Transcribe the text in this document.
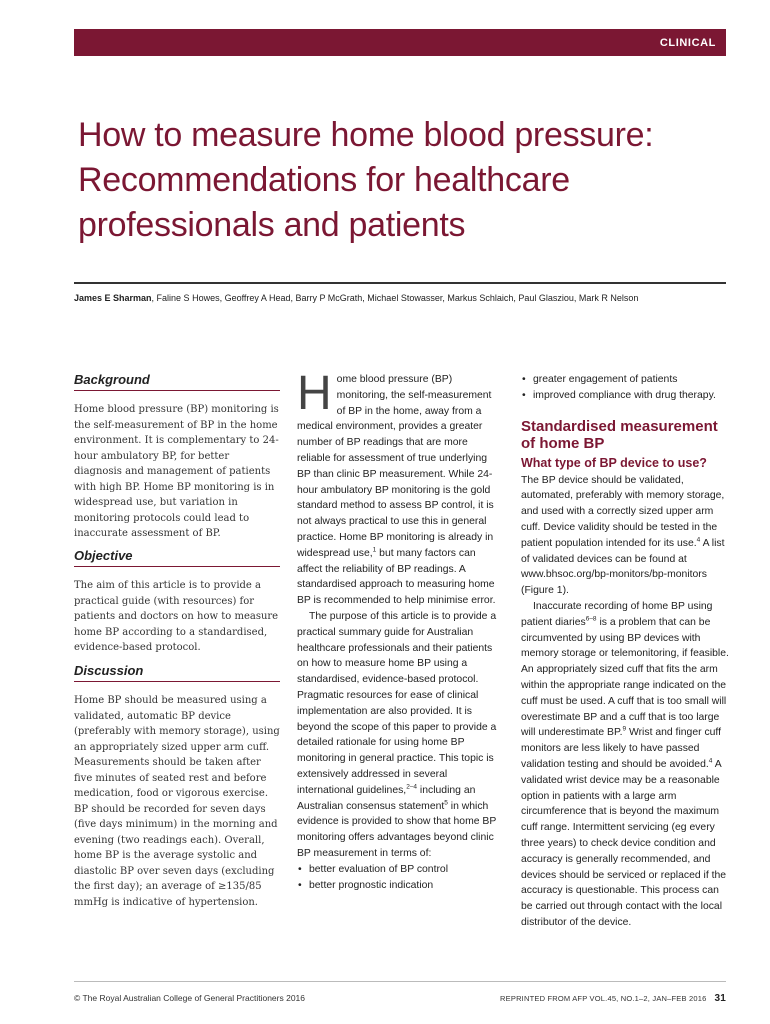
CLINICAL
How to measure home blood pressure: Recommendations for healthcare professionals and patients

James E Sharman, Faline S Howes, Geoffrey A Head, Barry P McGrath, Michael Stowasser, Markus Schlaich, Paul Glasziou, Mark R Nelson

Background

Home blood pressure (BP) monitoring is the self-measurement of BP in the home environment. It is complementary to 24-hour ambulatory BP, for better diagnosis and management of patients with high BP. Home BP monitoring is in widespread use, but variation in monitoring protocols could lead to inaccurate assessment of BP.

Objective

The aim of this article is to provide a practical guide (with resources) for patients and doctors on how to measure home BP according to a standardised, evidence-based protocol.

Discussion

Home BP should be measured using a validated, automatic BP device (preferably with memory storage), using an appropriately sized upper arm cuff. Measurements should be taken after five minutes of seated rest and before medication, food or vigorous exercise. BP should be recorded for seven days (five days minimum) in the morning and evening (two readings each). Overall, home BP is the average systolic and diastolic BP over seven days (excluding the first day); an average of ≥135/85 mmHg is indicative of hypertension.

Home blood pressure (BP) monitoring, the self-measurement of BP in the home, away from a medical environment, provides a greater number of BP readings that are more reliable for assessment of true underlying BP than clinic BP measurement. While 24-hour ambulatory BP monitoring is the gold standard method to assess BP control, it is not always practical to use this in general practice. Home BP monitoring is already in widespread use,$^1$ but many factors can affect the reliability of BP readings. A standardised approach to measuring home BP is recommended to help minimise error.

The purpose of this article is to provide a practical summary guide for Australian healthcare professionals and their patients on how to measure home BP using a standardised, evidence-based protocol. Pragmatic resources for ease of clinical implementation are also provided. It is beyond the scope of this paper to provide a detailed rationale for using home BP monitoring in general practice. This topic is extensively addressed in several international guidelines,$^{2-4}$ including an Australian consensus statement$^5$ in which evidence is provided to show that home BP monitoring offers advantages beyond clinic BP measurement in terms of:

• better evaluation of BP control
• better prognostic indication
• greater engagement of patients
• improved compliance with drug therapy.
Standardised measurement of home BP
What type of BP device to use?

The BP device should be validated, automated, preferably with memory storage, and used with a correctly sized upper arm cuff. Device validity should be tested in the patient population intended for its use.$^4$ A list of validated devices can be found at www.bhsoc.org/bp-monitors/bp-monitors (Figure 1).

Inaccurate recording of home BP using patient diaries$^{6-8}$ is a problem that can be circumvented by using BP devices with memory storage or telemonitoring, if feasible. An appropriately sized cuff that fits the arm within the appropriate range indicated on the cuff must be used. A cuff that is too small will overestimate BP and a cuff that is too large will underestimate BP.$^9$ Wrist and finger cuff monitors are less likely to have passed validation testing and should be avoided.$^4$ A validated wrist device may be a reasonable option in patients with a large arm circumference that is beyond the maximum cuff range. Intermittent servicing (eg every three years) to check device condition and accuracy is generally recommended, and devices should be serviced or replaced if the accuracy is questionable. This process can be carried out through contact with the local distributor of the device.

© The Royal Australian College of General Practitioners 2016	REPRINTED FROM AFP VOL.45, NO.1–2, JAN–FEB 2016 31
